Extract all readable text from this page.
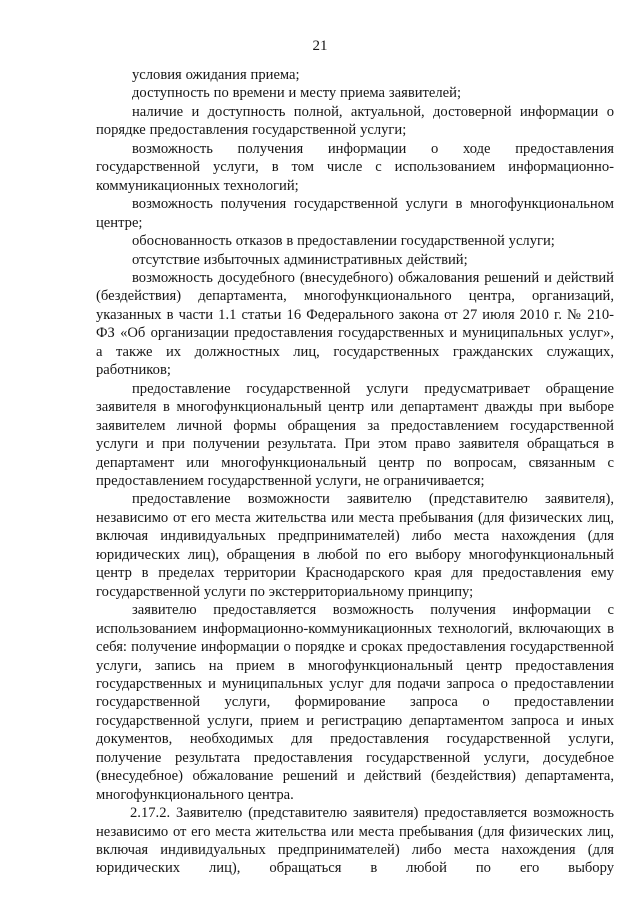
21

условия ожидания приема;

доступность по времени и месту приема заявителей;

наличие и доступность полной, актуальной, достоверной информации о порядке предоставления государственной услуги;

возможность получения информации о ходе предоставления государственной услуги, в том числе с использованием информационно-коммуникационных технологий;

возможность получения государственной услуги в многофункциональном центре;

обоснованность отказов в предоставлении государственной услуги;

отсутствие избыточных административных действий;

возможность досудебного (внесудебного) обжалования решений и действий (бездействия) департамента, многофункционального центра, организаций, указанных в части 1.1 статьи 16 Федерального закона от 27 июля 2010 г. № 210-ФЗ «Об организации предоставления государственных и муниципальных услуг», а также их должностных лиц, государственных гражданских служащих, работников;

предоставление государственной услуги предусматривает обращение заявителя в многофункциональный центр или департамент дважды при выборе заявителем личной формы обращения за предоставлением государственной услуги и при получении результата. При этом право заявителя обращаться в департамент или многофункциональный центр по вопросам, связанным с предоставлением государственной услуги, не ограничивается;

предоставление возможности заявителю (представителю заявителя), независимо от его места жительства или места пребывания (для физических лиц, включая индивидуальных предпринимателей) либо места нахождения (для юридических лиц), обращения в любой по его выбору многофункциональный центр в пределах территории Краснодарского края для предоставления ему государственной услуги по экстерриториальному принципу;

заявителю предоставляется возможность получения информации с использованием информационно-коммуникационных технологий, включающих в себя: получение информации о порядке и сроках предоставления государственной услуги, запись на прием в многофункциональный центр предоставления государственных и муниципальных услуг для подачи запроса о предоставлении государственной услуги, формирование запроса о предоставлении государственной услуги, прием и регистрацию департаментом запроса и иных документов, необходимых для предоставления государственной услуги, получение результата предоставления государственной услуги, досудебное (внесудебное) обжалование решений и действий (бездействия) департамента, многофункционального центра.

2.17.2. Заявителю (представителю заявителя) предоставляется возможность независимо от его места жительства или места пребывания (для физических лиц, включая индивидуальных предпринимателей) либо места нахождения (для юридических лиц), обращаться в любой по его выбору
